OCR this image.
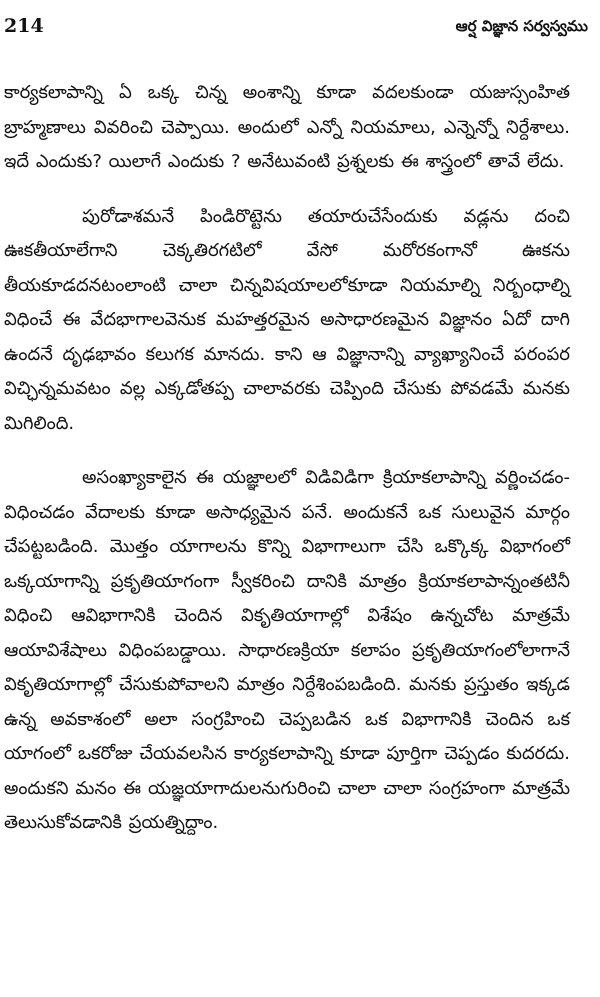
214	ఆర్ష విజ్ఞాన సర్వస్వము

కార్యకలాపాన్ని ఏ ఒక్క చిన్న అంశాన్ని కూడా వదలకుండా యజుస్సంహిత బ్రాహ్మణాలు వివరించి చెప్పాయి. అందులో ఎన్నో నియమాలు, ఎన్నెన్నో నిర్దేశాలు. ఇదే ఎందుకు? యిలాగే ఎందుకు ? అనేటువంటి ప్రశ్నలకు ఈ శాస్త్రంలో తావే లేదు.

పురోడాశమనే పిండిరొట్టెను తయారుచేసేందుకు వడ్లను దంచి ఊకతీయాలేగాని చెక్కతిరగటిలో వేసో మరోరకంగానో ఊకను తీయకూడదనటంలాంటి చాలా చిన్నవిషయాలలోకూడా నియమాల్ని నిర్బంధాల్ని విధించే ఈ వేదభాగాలవెనుక మహత్తరమైన అసాధారణమైన విజ్ఞానం ఏదో దాగి ఉందనే దృఢభావం కలుగక మానదు. కాని ఆ విజ్ఞానాన్ని వ్యాఖ్యానించే పరంపర విచ్ఛిన్నమవటం వల్ల ఎక్కడోతప్ప చాలావరకు చెప్పింది చేసుకు పోవడమే మనకు మిగిలింది.

అసంఖ్యాకాలైన ఈ యజ్ఞాలలో విడివిడిగా క్రియాకలాపాన్ని వర్ణించడం-విధించడం వేదాలకు కూడా అసాధ్యమైన పనే. అందుకనే ఒక సులువైన మార్గం చేపట్టబడింది. మొత్తం యాగాలను కొన్ని విభాగాలుగా చేసి ఒక్కొక్క విభాగంలో ఒక్కయాగాన్ని ప్రకృతియాగంగా స్వీకరించి దానికి మాత్రం క్రియాకలాపాన్నంతటినీ విధించి ఆవిభాగానికి చెందిన వికృతియాగాల్లో విశేషం ఉన్నచోట మాత్రమే ఆయావిశేషాలు విధింపబడ్డాయి. సాధారణక్రియా కలాపం ప్రకృతియాగంలోలాగానే వికృతియాగాల్లో చేసుకుపోవాలని మాత్రం నిర్దేశింపబడింది. మనకు ప్రస్తుతం ఇక్కడ ఉన్న అవకాశంలో అలా సంగ్రహించి చెప్పబడిన ఒక విభాగానికి చెందిన ఒక యాగంలో ఒకరోజు చేయవలసిన కార్యకలాపాన్ని కూడా పూర్తిగా చెప్పడం కుదరదు. అందుకని మనం ఈ యజ్ఞయాగాదులనుగురించి చాలా చాలా సంగ్రహంగా మాత్రమే తెలుసుకోవడానికి ప్రయత్నిద్దాం.
